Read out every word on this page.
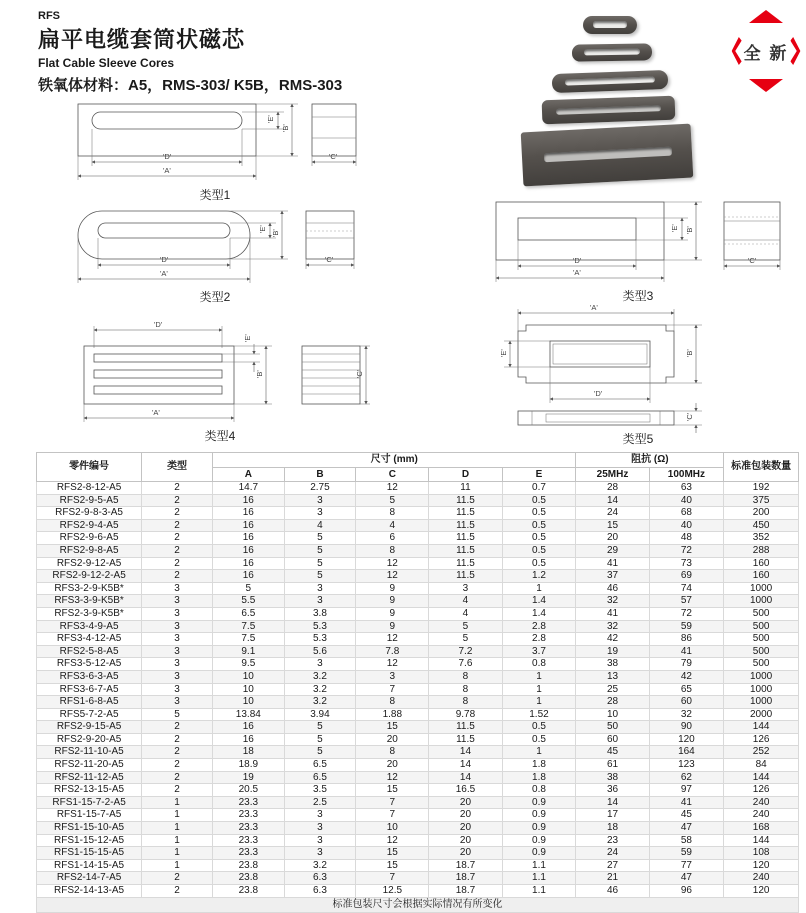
RFS
扁平电缆套筒状磁芯
Flat Cable Sleeve Cores
铁氧体材料：A5，RMS-303/ K5B，RMS-303
全 新
'E'
'B'
'D'
'A'
'C'
类型1
'E'
'B'
'D'
'A'
'C'
类型2
'E' 'B'
'D'
'A'
'C'
类型3
'D'
'E'
'B'
'A'
'C'
类型4
'A'
'E'	'B'
'D'
'C'
类型5
零件编号	类型	尺寸 (mm)					阻抗 (Ω)		标准包装数量
		A	B	C	D	E	25MHz	100MHz	
RFS2-8-12-A5	2	14.7	2.75	12	11	0.7	28	63	192
RFS2-9-5-A5	2	16	3	5	11.5	0.5	14	40	375
RFS2-9-8-3-A5	2	16	3	8	11.5	0.5	24	68	200
RFS2-9-4-A5	2	16	4	4	11.5	0.5	15	40	450
RFS2-9-6-A5	2	16	5	6	11.5	0.5	20	48	352
RFS2-9-8-A5	2	16	5	8	11.5	0.5	29	72	288
RFS2-9-12-A5	2	16	5	12	11.5	0.5	41	73	160
RFS2-9-12-2-A5	2	16	5	12	11.5	1.2	37	69	160
RFS3-2-9-K5B*	3	5	3	9	3	1	46	74	1000
RFS3-3-9-K5B*	3	5.5	3	9	4	1.4	32	57	1000
RFS2-3-9-K5B*	3	6.5	3.8	9	4	1.4	41	72	500
RFS3-4-9-A5	3	7.5	5.3	9	5	2.8	32	59	500
RFS3-4-12-A5	3	7.5	5.3	12	5	2.8	42	86	500
RFS2-5-8-A5	3	9.1	5.6	7.8	7.2	3.7	19	41	500
RFS3-5-12-A5	3	9.5	3	12	7.6	0.8	38	79	500
RFS3-6-3-A5	3	10	3.2	3	8	1	13	42	1000
RFS3-6-7-A5	3	10	3.2	7	8	1	25	65	1000
RFS1-6-8-A5	3	10	3.2	8	8	1	28	60	1000
RFS5-7-2-A5	5	13.84	3.94	1.88	9.78	1.52	10	32	2000
RFS2-9-15-A5	2	16	5	15	11.5	0.5	50	90	144
RFS2-9-20-A5	2	16	5	20	11.5	0.5	60	120	126
RFS2-11-10-A5	2	18	5	8	14	1	45	164	252
RFS2-11-20-A5	2	18.9	6.5	20	14	1.8	61	123	84
RFS2-11-12-A5	2	19	6.5	12	14	1.8	38	62	144
RFS2-13-15-A5	2	20.5	3.5	15	16.5	0.8	36	97	126
RFS1-15-7-2-A5	1	23.3	2.5	7	20	0.9	14	41	240
RFS1-15-7-A5	1	23.3	3	7	20	0.9	17	45	240
RFS1-15-10-A5	1	23.3	3	10	20	0.9	18	47	168
RFS1-15-12-A5	1	23.3	3	12	20	0.9	23	58	144
RFS1-15-15-A5	1	23.3	3	15	20	0.9	24	59	108
RFS1-14-15-A5	1	23.8	3.2	15	18.7	1.1	27	77	120
RFS2-14-7-A5	2	23.8	6.3	7	18.7	1.1	21	47	240
RFS2-14-13-A5	2	23.8	6.3	12.5	18.7	1.1	46	96	120
标准包装尺寸会根据实际情况有所变化									
